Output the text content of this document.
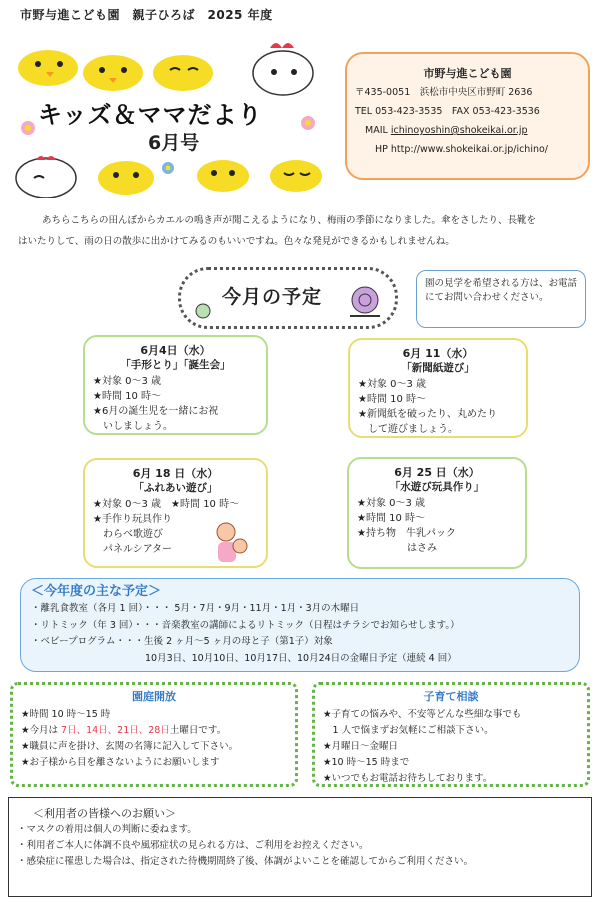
市野与進こども園　親子ひろば　2025 年度
キッズ＆ママだより
6月号
市野与進こども園
〒435-0051　浜松市中央区市野町 2636
TEL 053-423-3535　FAX 053-423-3536
MAIL ichinoyoshin@shokeikai.or.jp
HP http://www.shokeikai.or.jp/ichino/
あちらこちらの田んぼからカエルの鳴き声が聞こえるようになり、梅雨の季節になりました。傘をさしたり、長靴を
はいたりして、雨の日の散歩に出かけてみるのもいいですね。色々な発見ができるかもしれませんね。
今月の予定
園の見学を希望される方は、お電話にてお問い合わせください。
6月4日（水）
「手形とり」「誕生会」
★対象 0～3 歳
★時間 10 時～
★6月の誕生児を一緒にお祝
　いしましょう。
6月 11（水）
「新聞紙遊び」
★対象 0～3 歳
★時間 10 時～
★新聞紙を破ったり、丸めたり
　して遊びましょう。
6月 18 日（水）
「ふれあい遊び」
★対象 0～3 歳　★時間 10 時～
★手作り玩具作り
　わらべ歌遊び
　パネルシアター
6月 25 日（水）
「水遊び玩具作り」
★対象 0～3 歳
★時間 10 時～
★持ち物　牛乳パック
　　　　　はさみ
＜今年度の主な予定＞
・離乳食教室（各月 1 回）・・・ 5月・7月・9月・11月・1月・3月の木曜日
・リトミック（年 3 回）・・・音楽教室の講師によるリトミック（日程はチラシでお知らせします。）
・ベビープログラム・・・生後 2 ヶ月～5 ヶ月の母と子（第1子）対象
　　　　　　　　　　　　10月3日、10月10日、10月17日、10月24日の金曜日予定（連続 4 回）
園庭開放
★時間 10 時～15 時
★今月は 7日、14日、21日、28日土曜日です。
★職員に声を掛け、玄関の名簿に記入して下さい。
★お子様から目を離さないようにお願いします
子育て相談
★子育ての悩みや、不安等どんな些細な事でも
　1 人で悩まずお気軽にご相談下さい。
★月曜日～金曜日
★10 時～15 時まで
★いつでもお電話お待ちしております。
＜利用者の皆様へのお願い＞
・マスクの着用は個人の判断に委ねます。
・利用者ご本人に体調不良や風邪症状の見られる方は、ご利用をお控えください。
・感染症に罹患した場合は、指定された待機期間終了後、体調がよいことを確認してからご利用ください。
